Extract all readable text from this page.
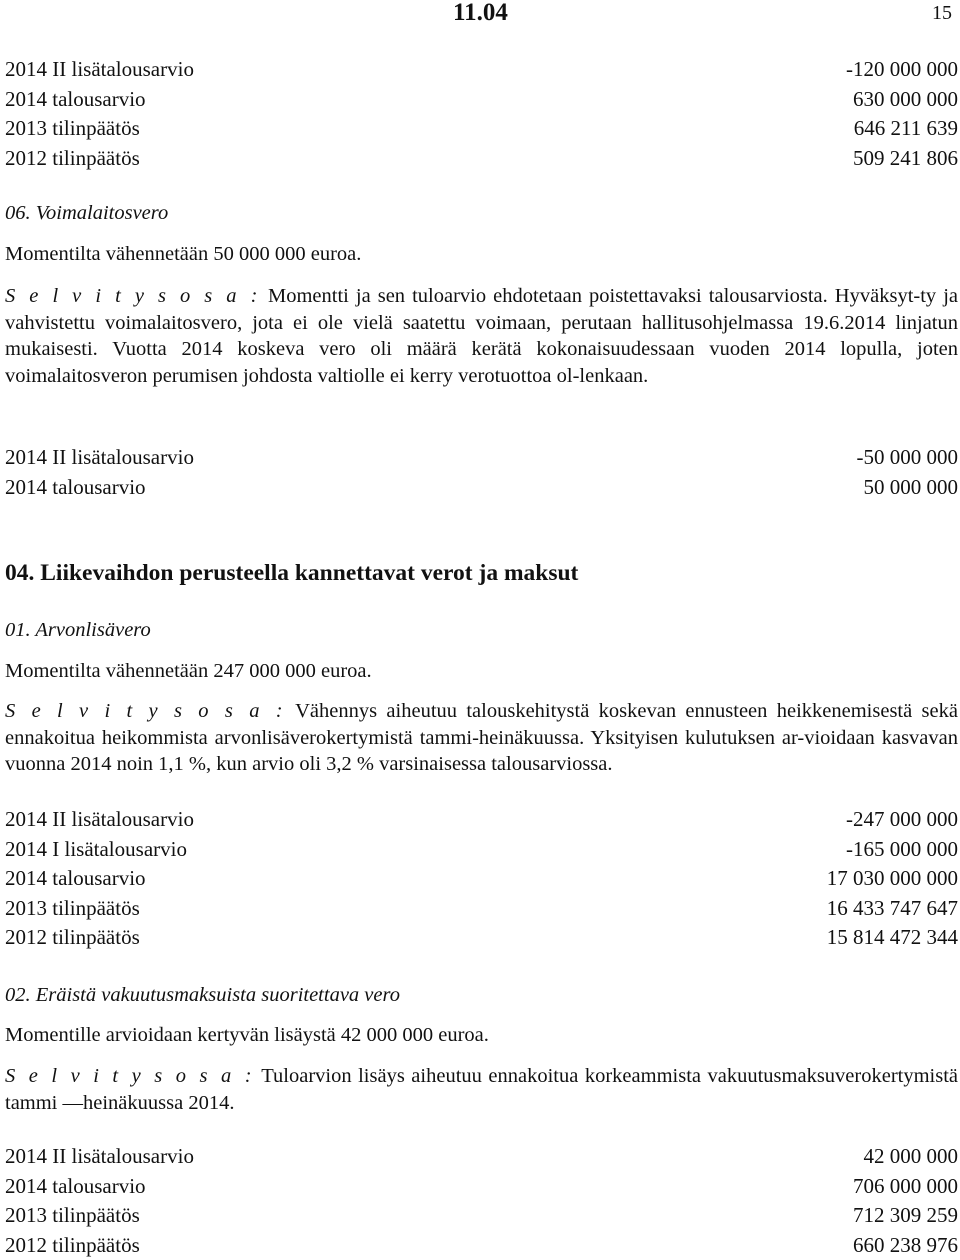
11.04	15
2014 II lisätalousarvio	-120 000 000
2014 talousarvio	630 000 000
2013 tilinpäätös	646 211 639
2012 tilinpäätös	509 241 806
06. Voimalaitosvero
Momentilta vähennetään 50 000 000 euroa.
S e l v i t y s o s a : Momentti ja sen tuloarvio ehdotetaan poistettavaksi talousarviosta. Hyväksyt-ty ja vahvistettu voimalaitosvero, jota ei ole vielä saatettu voimaan, perutaan hallitusohjelmassa 19.6.2014 linjatun mukaisesti. Vuotta 2014 koskeva vero oli määrä kerätä kokonaisuudessaan vuoden 2014 lopulla, joten voimalaitosveron perumisen johdosta valtiolle ei kerry verotuottoa ol-lenkaan.
2014 II lisätalousarvio	-50 000 000
2014 talousarvio	50 000 000
04. Liikevaihdon perusteella kannettavat verot ja maksut
01. Arvonlisävero
Momentilta vähennetään 247 000 000 euroa.
S e l v i t y s o s a : Vähennys aiheutuu talouskehitystä koskevan ennusteen heikkenemisestä sekä ennakoitua heikommista arvonlisäverokertymistä tammi-heinäkuussa. Yksityisen kulutuksen ar-vioidaan kasvavan vuonna 2014 noin 1,1 %, kun arvio oli 3,2 % varsinaisessa talousarviossa.
2014 II lisätalousarvio	-247 000 000
2014 I lisätalousarvio	-165 000 000
2014 talousarvio	17 030 000 000
2013 tilinpäätös	16 433 747 647
2012 tilinpäätös	15 814 472 344
02. Eräistä vakuutusmaksuista suoritettava vero
Momentille arvioidaan kertyvän lisäystä 42 000 000 euroa.
S e l v i t y s o s a : Tuloarvion lisäys aiheutuu ennakoitua korkeammista vakuutusmaksuverokertymistä tammi —heinäkuussa 2014.
2014 II lisätalousarvio	42 000 000
2014 talousarvio	706 000 000
2013 tilinpäätös	712 309 259
2012 tilinpäätös	660 238 976
